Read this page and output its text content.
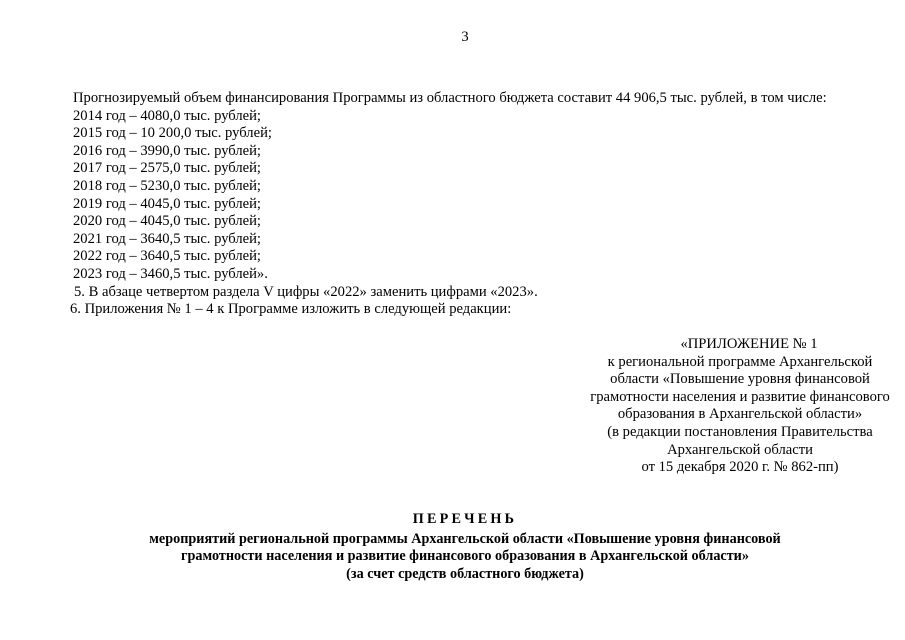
3
Прогнозируемый объем финансирования Программы из областного бюджета составит 44 906,5 тыс. рублей, в том числе:
2014 год – 4080,0 тыс. рублей;
2015 год – 10 200,0 тыс. рублей;
2016 год – 3990,0 тыс. рублей;
2017 год – 2575,0 тыс. рублей;
2018 год – 5230,0 тыс. рублей;
2019 год – 4045,0 тыс. рублей;
2020 год – 4045,0 тыс. рублей;
2021 год – 3640,5 тыс. рублей;
2022 год – 3640,5 тыс. рублей;
2023 год – 3460,5 тыс. рублей».
5. В абзаце четвертом раздела V цифры «2022» заменить цифрами «2023».
6. Приложения № 1 – 4 к Программе изложить в следующей редакции:
«ПРИЛОЖЕНИЕ № 1
к региональной программе Архангельской
области «Повышение уровня финансовой
грамотности населения и развитие финансового
образования в Архангельской области»
(в редакции постановления Правительства
Архангельской области
от 15 декабря 2020 г. № 862-пп)
ПЕРЕЧЕНЬ
мероприятий региональной программы Архангельской области «Повышение уровня финансовой
грамотности населения и развитие финансового образования в Архангельской области»
(за счет средств областного бюджета)
